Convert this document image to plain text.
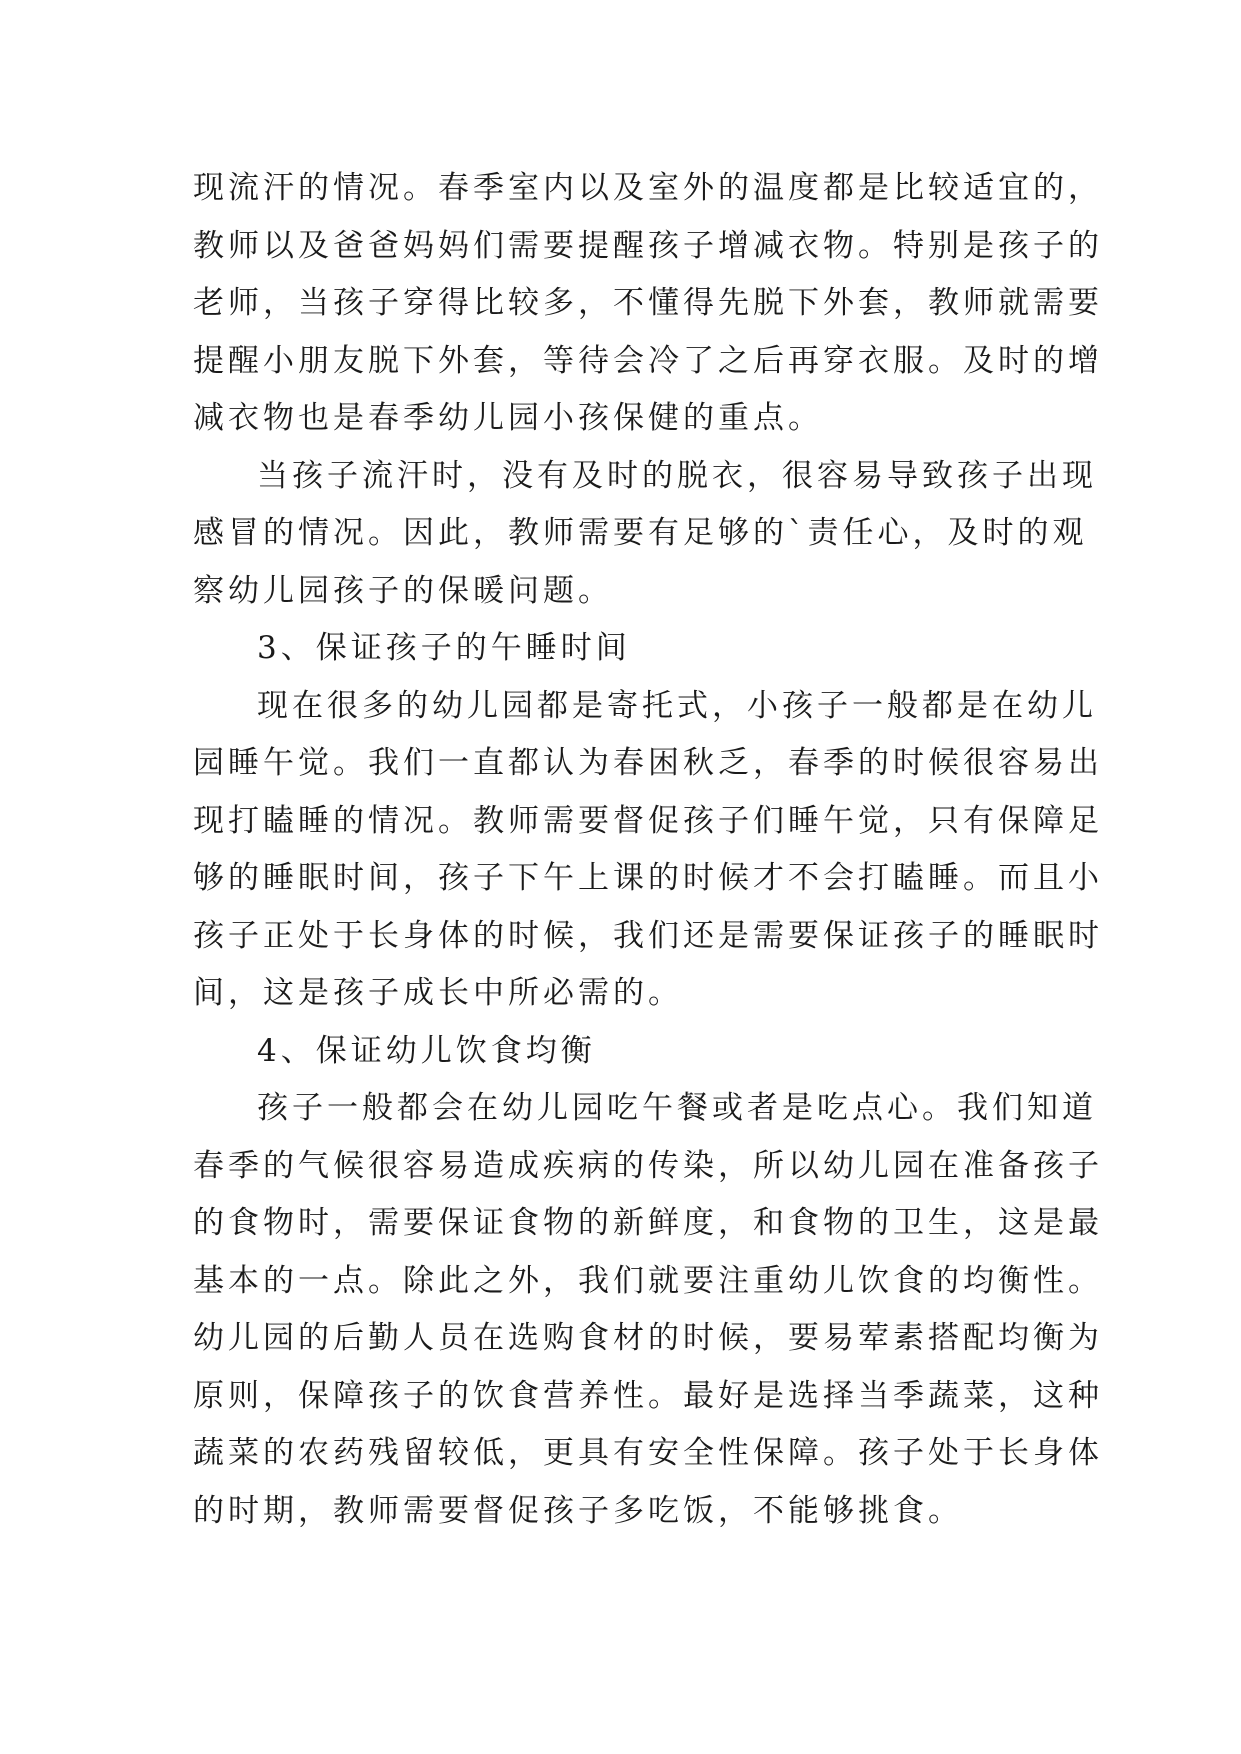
现流汗的情况。春季室内以及室外的温度都是比较适宜的，
教师以及爸爸妈妈们需要提醒孩子增减衣物。特别是孩子的
老师，当孩子穿得比较多，不懂得先脱下外套，教师就需要
提醒小朋友脱下外套，等待会冷了之后再穿衣服。及时的增
减衣物也是春季幼儿园小孩保健的重点。
当孩子流汗时，没有及时的脱衣，很容易导致孩子出现
感冒的情况。因此，教师需要有足够的`责任心，及时的观
察幼儿园孩子的保暖问题。
3、保证孩子的午睡时间
现在很多的幼儿园都是寄托式，小孩子一般都是在幼儿
园睡午觉。我们一直都认为春困秋乏，春季的时候很容易出
现打瞌睡的情况。教师需要督促孩子们睡午觉，只有保障足
够的睡眠时间，孩子下午上课的时候才不会打瞌睡。而且小
孩子正处于长身体的时候，我们还是需要保证孩子的睡眠时
间，这是孩子成长中所必需的。
4、保证幼儿饮食均衡
孩子一般都会在幼儿园吃午餐或者是吃点心。我们知道
春季的气候很容易造成疾病的传染，所以幼儿园在准备孩子
的食物时，需要保证食物的新鲜度，和食物的卫生，这是最
基本的一点。除此之外，我们就要注重幼儿饮食的均衡性。
幼儿园的后勤人员在选购食材的时候，要易荤素搭配均衡为
原则，保障孩子的饮食营养性。最好是选择当季蔬菜，这种
蔬菜的农药残留较低，更具有安全性保障。孩子处于长身体
的时期，教师需要督促孩子多吃饭，不能够挑食。
